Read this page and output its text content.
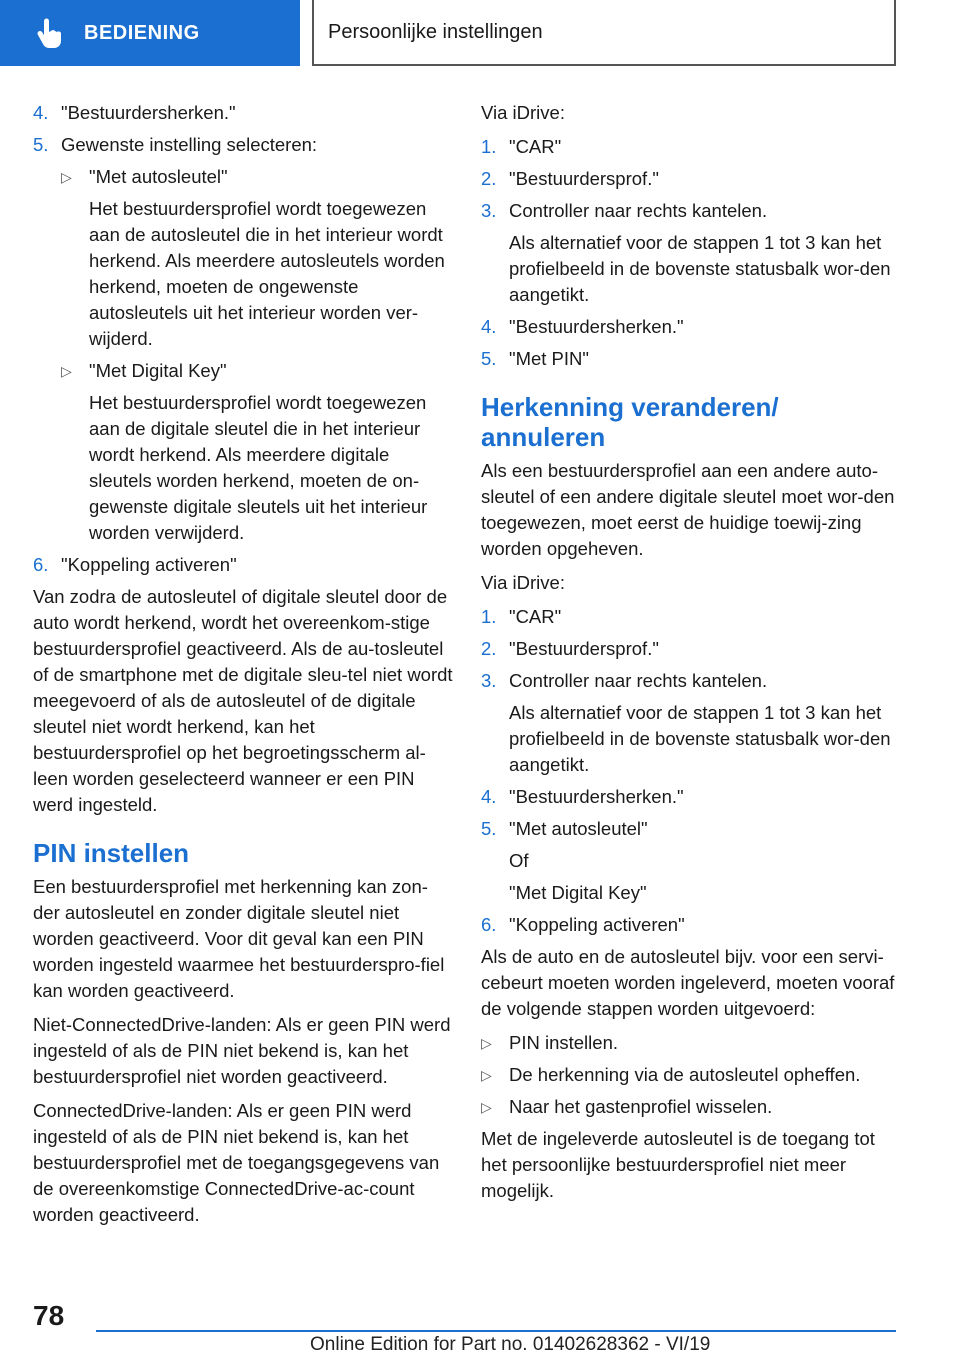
BEDIENING	Persoonlijke instellingen
4. "Bestuurdersherken."
5. Gewenste instelling selecteren:
▷ "Met autosleutel"

Het bestuurdersprofiel wordt toegewezen aan de autosleutel die in het interieur wordt herkend. Als meerdere autosleutels worden herkend, moeten de ongewenste autosleutels uit het interieur worden ver-wijderd.

▷ "Met Digital Key"

Het bestuurdersprofiel wordt toegewezen aan de digitale sleutel die in het interieur wordt herkend. Als meerdere digitale sleutels worden herkend, moeten de on-gewenste digitale sleutels uit het interieur worden verwijderd.

6. "Koppeling activeren"

Van zodra de autosleutel of digitale sleutel door de auto wordt herkend, wordt het overeenkom-stige bestuurdersprofiel geactiveerd. Als de au-tosleutel of de smartphone met de digitale sleu-tel niet wordt meegevoerd of als de autosleutel of de digitale sleutel niet wordt herkend, kan het bestuurdersprofiel op het begroetingsscherm al-leen worden geselecteerd wanneer er een PIN werd ingesteld.

PIN instellen

Een bestuurdersprofiel met herkenning kan zon-der autosleutel en zonder digitale sleutel niet worden geactiveerd. Voor dit geval kan een PIN worden ingesteld waarmee het bestuurderspro-fiel kan worden geactiveerd.

Niet-ConnectedDrive-landen: Als er geen PIN werd ingesteld of als de PIN niet bekend is, kan het bestuurdersprofiel niet worden geactiveerd.

ConnectedDrive-landen: Als er geen PIN werd ingesteld of als de PIN niet bekend is, kan het bestuurdersprofiel met de toegangsgegevens van de overeenkomstige ConnectedDrive-ac-count worden geactiveerd.

Via iDrive:

1. "CAR"
2. "Bestuurdersprof."
3. Controller naar rechts kantelen.

Als alternatief voor de stappen 1 tot 3 kan het profielbeeld in de bovenste statusbalk wor-den aangetikt.

4. "Bestuurdersherken."
5. "Met PIN"
Herkenning veranderen/ annuleren

Als een bestuurdersprofiel aan een andere auto-sleutel of een andere digitale sleutel moet wor-den toegewezen, moet eerst de huidige toewij-zing worden opgeheven.

Via iDrive:

1. "CAR"
2. "Bestuurdersprof."
3. Controller naar rechts kantelen.

Als alternatief voor de stappen 1 tot 3 kan het profielbeeld in de bovenste statusbalk wor-den aangetikt.

4. "Bestuurdersherken."
5. "Met autosleutel"

Of

"Met Digital Key"

6. "Koppeling activeren"

Als de auto en de autosleutel bijv. voor een servi-cebeurt moeten worden ingeleverd, moeten vooraf de volgende stappen worden uitgevoerd:

▷ PIN instellen.
▷ De herkenning via de autosleutel opheffen.
▷ Naar het gastenprofiel wisselen.

Met de ingeleverde autosleutel is de toegang tot het persoonlijke bestuurdersprofiel niet meer mogelijk.

78
Online Edition for Part no. 01402628362 - VI/19
